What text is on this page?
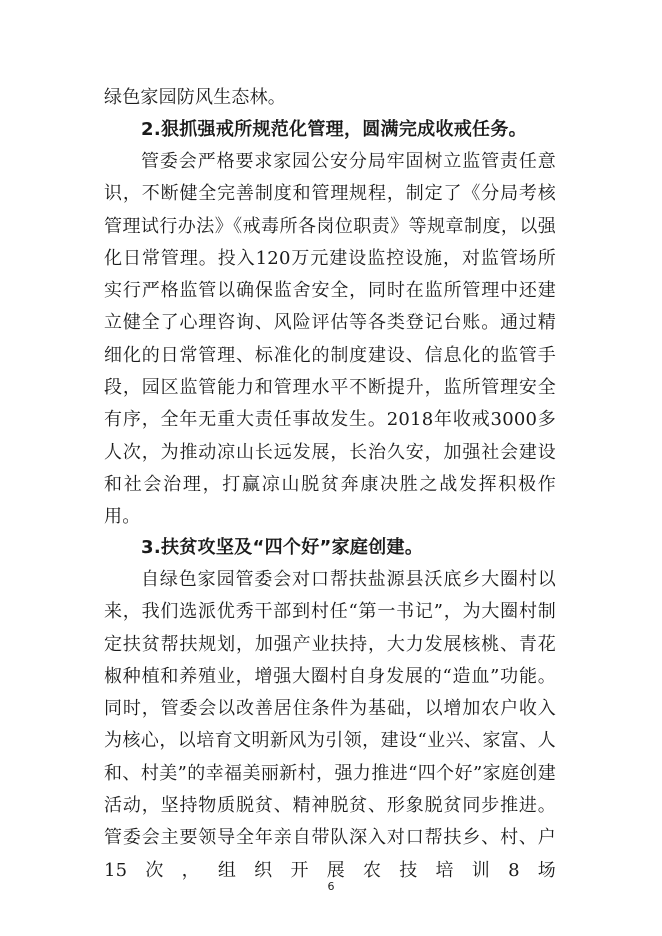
绿色家园防风生态林。

2.狠抓强戒所规范化管理，圆满完成收戒任务。

管委会严格要求家园公安分局牢固树立监管责任意识，不断健全完善制度和管理规程，制定了《分局考核管理试行办法》《戒毒所各岗位职责》等规章制度，以强化日常管理。投入120万元建设监控设施，对监管场所实行严格监管以确保监舍安全，同时在监所管理中还建立健全了心理咨询、风险评估等各类登记台账。通过精细化的日常管理、标准化的制度建设、信息化的监管手段，园区监管能力和管理水平不断提升，监所管理安全有序，全年无重大责任事故发生。2018年收戒3000多人次，为推动凉山长远发展，长治久安，加强社会建设和社会治理，打赢凉山脱贫奔康决胜之战发挥积极作用。

3.扶贫攻坚及“四个好”家庭创建。

自绿色家园管委会对口帮扶盐源县沃底乡大圈村以来，我们选派优秀干部到村任“第一书记”，为大圈村制定扶贫帮扶规划，加强产业扶持，大力发展核桃、青花椒种植和养殖业，增强大圈村自身发展的“造血”功能。同时，管委会以改善居住条件为基础，以增加农户收入为核心，以培育文明新风为引领，建设“业兴、家富、人和、村美”的幸福美丽新村，强力推进“四个好”家庭创建活动，坚持物质脱贫、精神脱贫、形象脱贫同步推进。管委会主要领导全年亲自带队深入对口帮扶乡、村、户15次，组织开展农技培训8场

6
